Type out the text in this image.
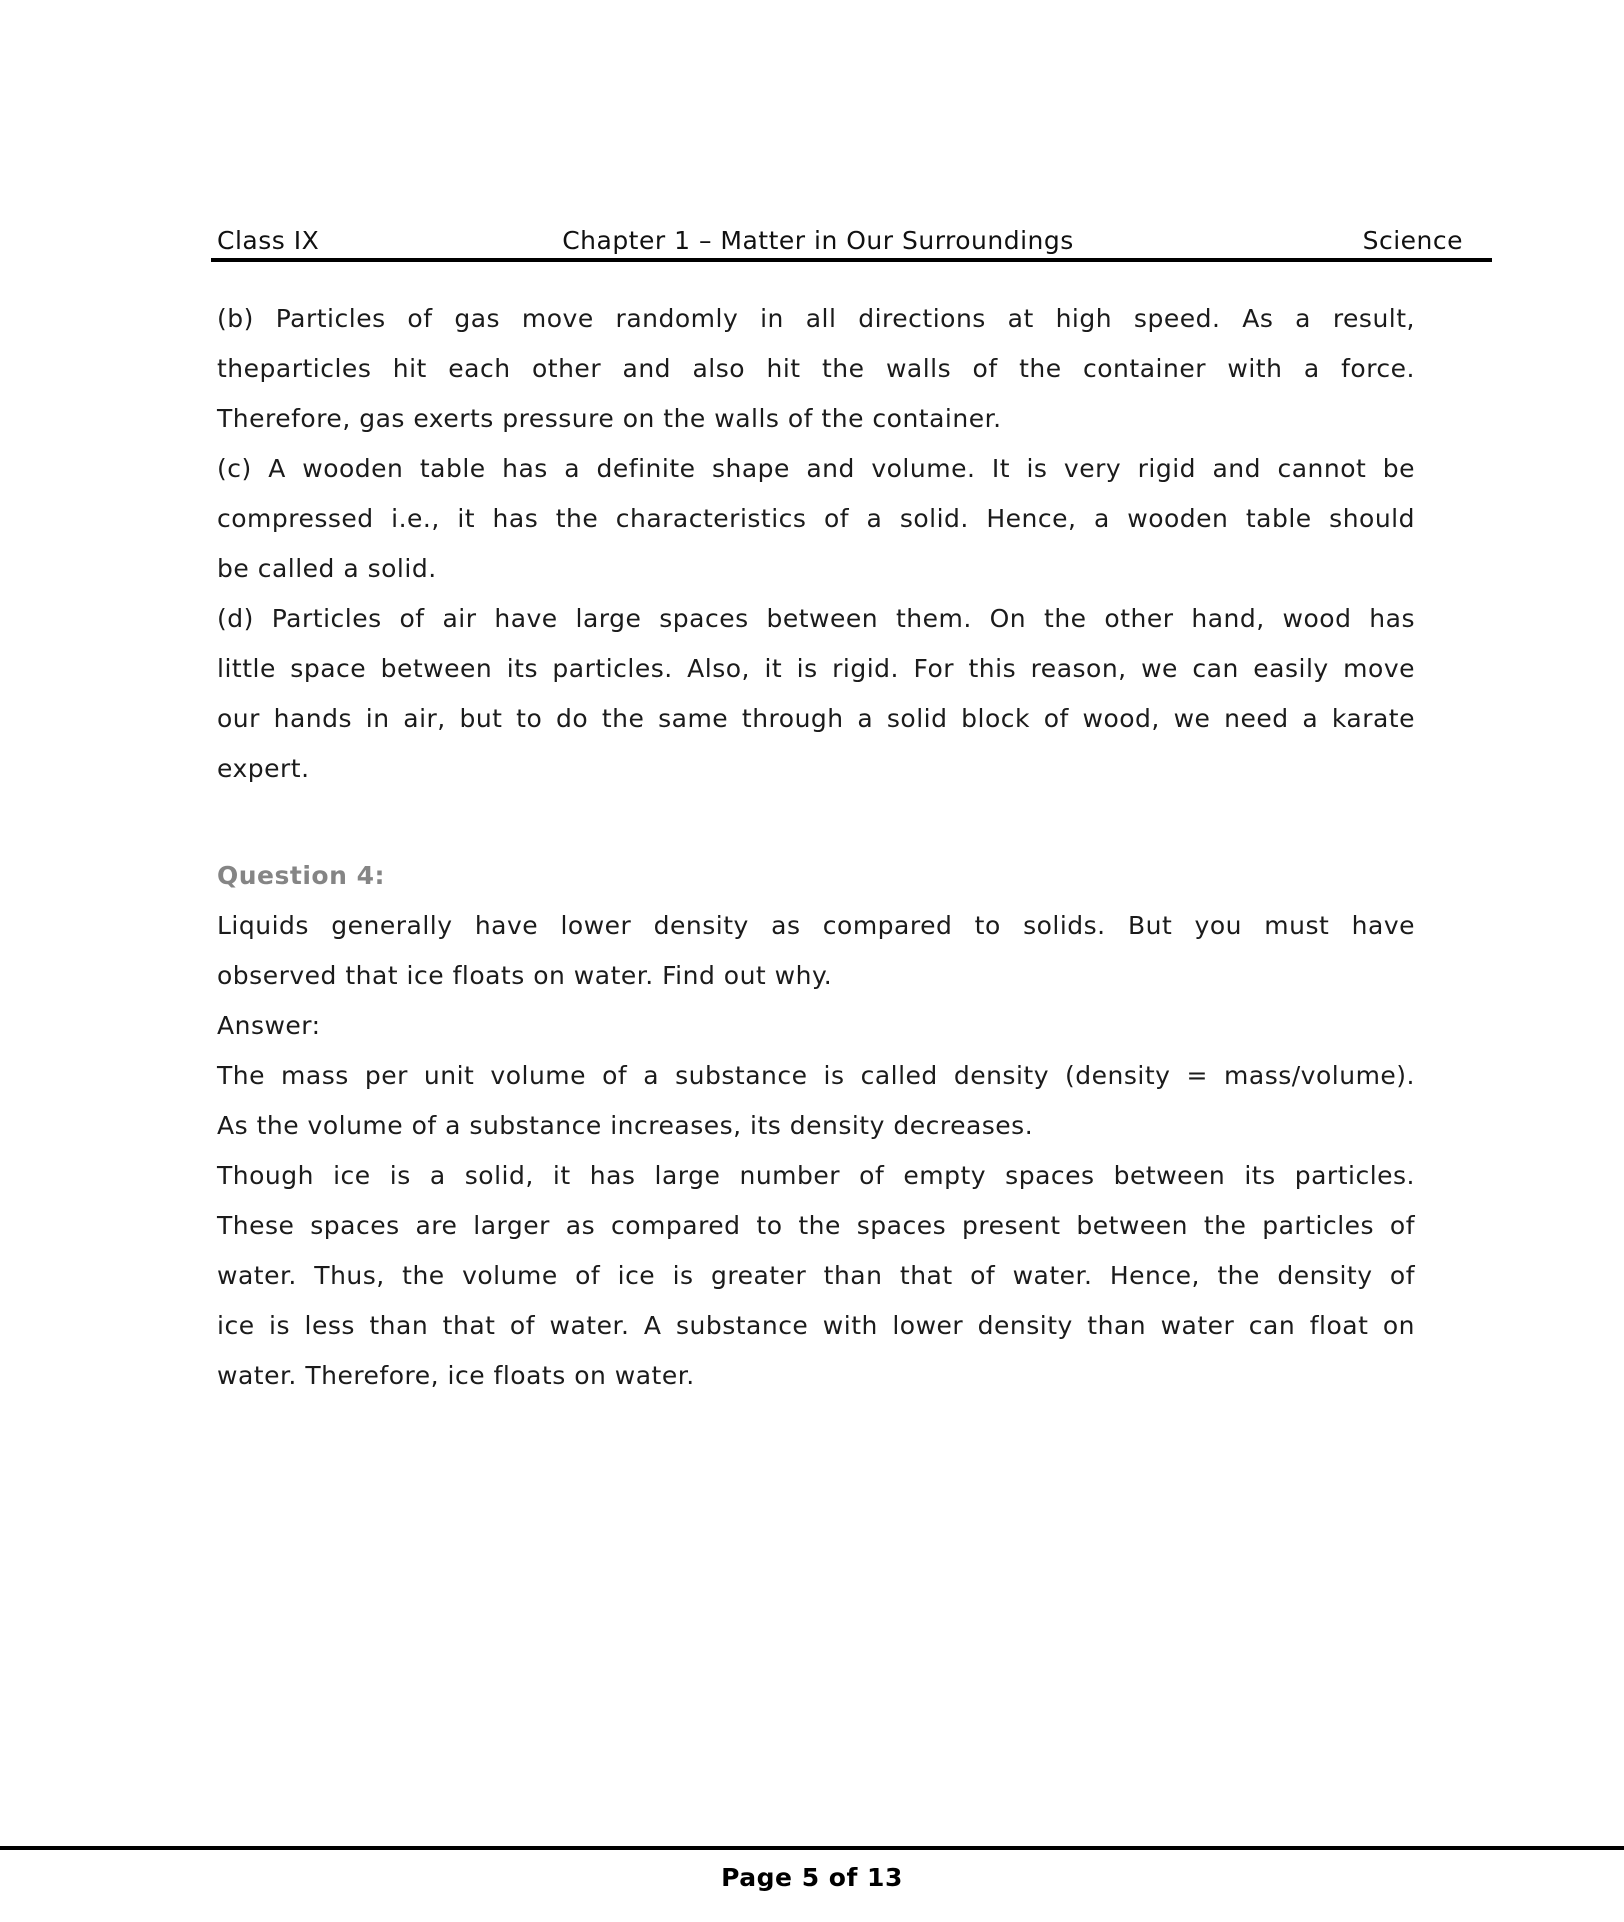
Class IX	Chapter 1 – Matter in Our Surroundings	Science
(b) Particles of gas move randomly in all directions at high speed. As a result,
theparticles hit each other and also hit the walls of the container with a force.
Therefore, gas exerts pressure on the walls of the container.
(c) A wooden table has a definite shape and volume. It is very rigid and cannot be
compressed i.e., it has the characteristics of a solid. Hence, a wooden table should
be called a solid.
(d) Particles of air have large spaces between them. On the other hand, wood has
little space between its particles. Also, it is rigid. For this reason, we can easily move
our hands in air, but to do the same through a solid block of wood, we need a karate
expert.
Question 4:
Liquids generally have lower density as compared to solids. But you must have
observed that ice floats on water. Find out why.
Answer:
The mass per unit volume of a substance is called density (density = mass/volume).
As the volume of a substance increases, its density decreases.
Though ice is a solid, it has large number of empty spaces between its particles.
These spaces are larger as compared to the spaces present between the particles of
water. Thus, the volume of ice is greater than that of water. Hence, the density of
ice is less than that of water. A substance with lower density than water can float on
water. Therefore, ice floats on water.
Page 5 of 13
